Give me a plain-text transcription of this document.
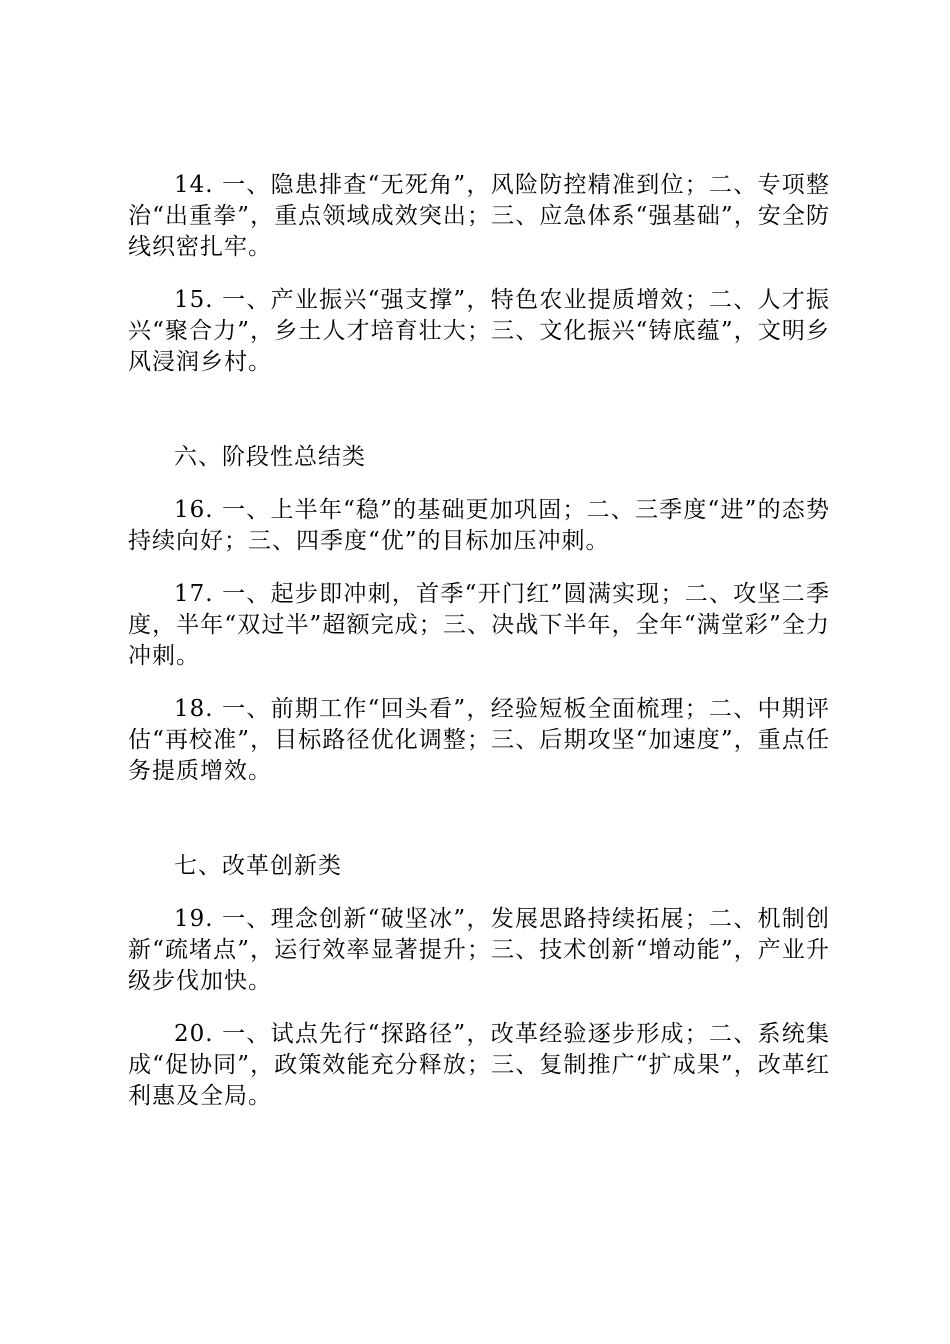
14. 一、隐患排查“无死角”，风险防控精准到位；二、专项整治“出重拳”，重点领域成效突出；三、应急体系“强基础”，安全防线织密扎牢。

15. 一、产业振兴“强支撑”，特色农业提质增效；二、人才振兴“聚合力”，乡土人才培育壮大；三、文化振兴“铸底蕴”，文明乡风浸润乡村。

六、阶段性总结类

16. 一、上半年“稳”的基础更加巩固；二、三季度“进”的态势持续向好；三、四季度“优”的目标加压冲刺。

17. 一、起步即冲刺，首季“开门红”圆满实现；二、攻坚二季度，半年“双过半”超额完成；三、决战下半年，全年“满堂彩”全力冲刺。

18. 一、前期工作“回头看”，经验短板全面梳理；二、中期评估“再校准”，目标路径优化调整；三、后期攻坚“加速度”，重点任务提质增效。

七、改革创新类

19. 一、理念创新“破坚冰”，发展思路持续拓展；二、机制创新“疏堵点”，运行效率显著提升；三、技术创新“增动能”，产业升级步伐加快。

20. 一、试点先行“探路径”，改革经验逐步形成；二、系统集成“促协同”，政策效能充分释放；三、复制推广“扩成果”，改革红利惠及全局。
